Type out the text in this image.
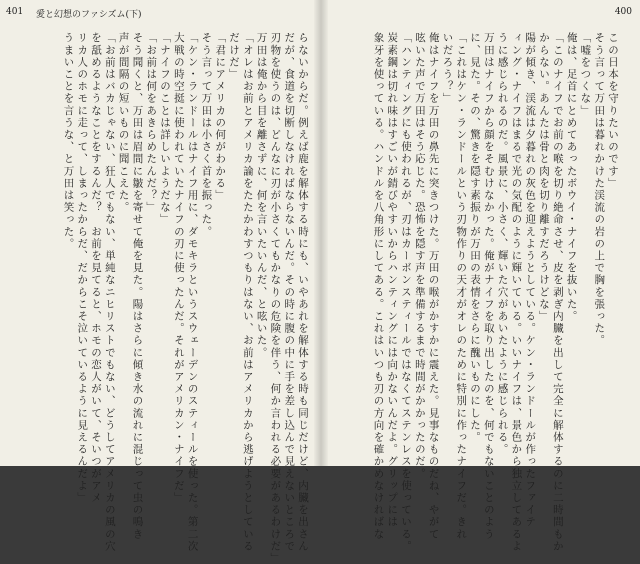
401 愛と幻想のファシズム(下)
らないからだ。例えば鹿を解体する時にも、いやあれを解体する時も同じだけど、内臓を出さん
だが、食道を切断しなければならないんだ。その時に腹の中に手を差し込んで見えないところで
刃物を使うのは、どんなに刃が小さくてもかなりの危険を伴う、何か言われる必要があるわけだ」
万田は俺から目を離さずに、何を言いたいんだ、と呟いた。
「オレはお前とアメリカ論をたたかわすつもりはない、お前はアメリカから逃げようとしている
だけだ」
「君にアメリカの何がわかる」
そう言って万田は小さく首を振った。
「ケン・ランドールはナイフ用に、ダモキラというスウェーデンのスティールを使った。第二次
大戦の時空挺に使われていたナイフの刃に使ったんだ。それがアメリカン・ナイフだ」
「ナイフのことは詳しいようだな」
「お前は何をあきらめたんだ？」
そう聞くと、万田は眉間に皺を寄せて俺を見た。陽はさらに傾き水の流れに混じって虫の鳴き
声が間隔の短いものに聞こえた。
「お前はバカじゃない、狂人でもない、単純なニヒリストでもない、どうしてアメリカの風の穴
を舐めるようなことをするんだ？　お前を見てると、ホモの恋人がいて、そいつがアメ
リカ人のホモに走って、しまったからだ、だからこそ泣いているように見えるんだよ」
うまいことを言うな、と万田は笑った。
400
この日本を守りたいのです」
そう言って万田は暮れかけた渓流の岩の上で胸を張った。
「嘘をつくな」
俺は、足首にとめてあったボウイ・ナイフを抜いた。
「このナイフでお前の喉を切り絶命させ、皮を剥ぎ内臓を出して完全に解体するのに二時間もか
からない。あんたは骨と肉を切り離すだろうけどな」
陽が傾き、渓流は夕暮れの灰色を迎えようとしている。ケン・ランドールが作ったファイテ
ィング・ナイフはまるで光の気配のように輝いている。いいナイフは、景色から独立してあるよ
うに感じられるのだ。風景に、小さく、輝いた穴があいたように感じられる。
万田はナイフから顔をそむけなかった。俺がナイフを取り出したのを、何でもないことのよう
に、見た。その、驚きを隠す素振りが万田の表情をさらに醜いものにした。
「これはケン・ランドールという刃物作りの天才がオレのために特別に作ったナイフだ。きれ
いだろう？」
俺はナイフを万田の鼻先に突きつけた。万田の喉がかすかに震えた。見事なものだね、やがて
呟いた声で万田はそう応じた。恐怖を隠す声を準備するまで時間がかかったのだ。
「ハンティングにも使われるが、刃はカーボンスティールではなくてステンレスを使っている。
炭素鋼は切れ味はすごいが錆びやすいからハンティングには向かないんだよ。グリップには
象牙を使っている。ハンドルを八角形にしてある。これはいつも刃の方向を確かめなければな
